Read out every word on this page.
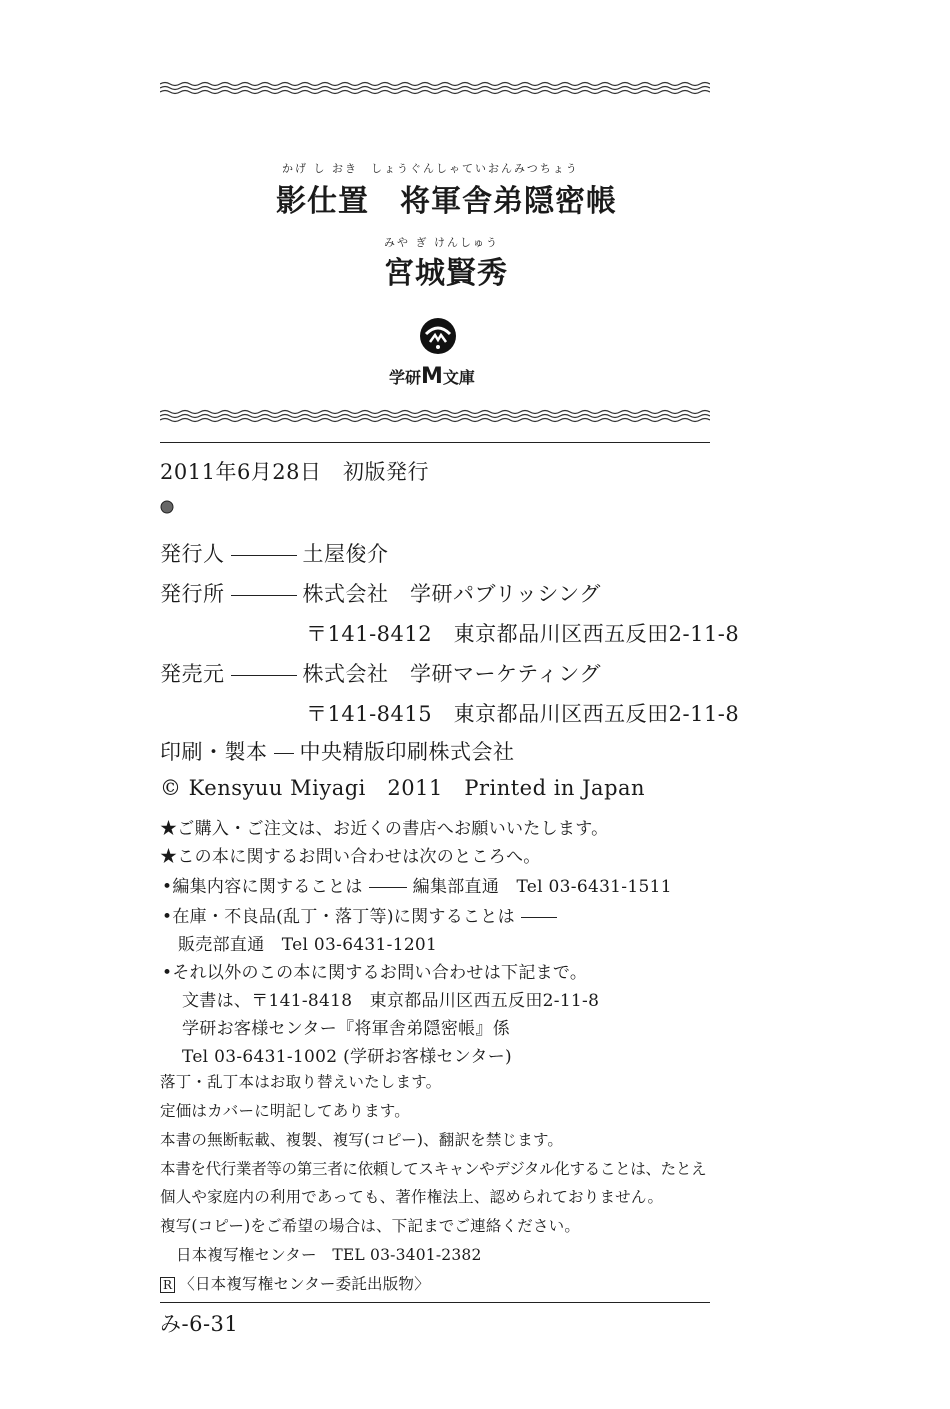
かげ し おき　しょうぐんしゃていおんみつちょう
影仕置　将軍舎弟隠密帳
みや ぎ けんしゅう
宮城賢秀
学研M文庫
2011年6月28日　初版発行
発行人	土屋俊介
発行所	株式会社　学研パブリッシング
〒141-8412　東京都品川区西五反田2-11-8
発売元	株式会社　学研マーケティング
〒141-8415　東京都品川区西五反田2-11-8
印刷・製本 中央精版印刷株式会社
© Kensyuu Miyagi　2011　Printed in Japan
★ご購入・ご注文は、お近くの書店へお願いいたします。
★この本に関するお問い合わせは次のところへ。
•編集内容に関することは	編集部直通　Tel 03-6431-1511
•在庫・不良品(乱丁・落丁等)に関することは
販売部直通　Tel 03-6431-1201
•それ以外のこの本に関するお問い合わせは下記まで。
文書は、〒141-8418　東京都品川区西五反田2-11-8
学研お客様センター『将軍舎弟隠密帳』係
Tel 03-6431-1002 (学研お客様センター)
落丁・乱丁本はお取り替えいたします。
定価はカバーに明記してあります。
本書の無断転載、複製、複写(コピー)、翻訳を禁じます。
本書を代行業者等の第三者に依頼してスキャンやデジタル化することは、たとえ
個人や家庭内の利用であっても、著作権法上、認められておりません。
複写(コピー)をご希望の場合は、下記までご連絡ください。
日本複写権センター　TEL 03-3401-2382
R 〈日本複写権センター委託出版物〉
み-6-31
